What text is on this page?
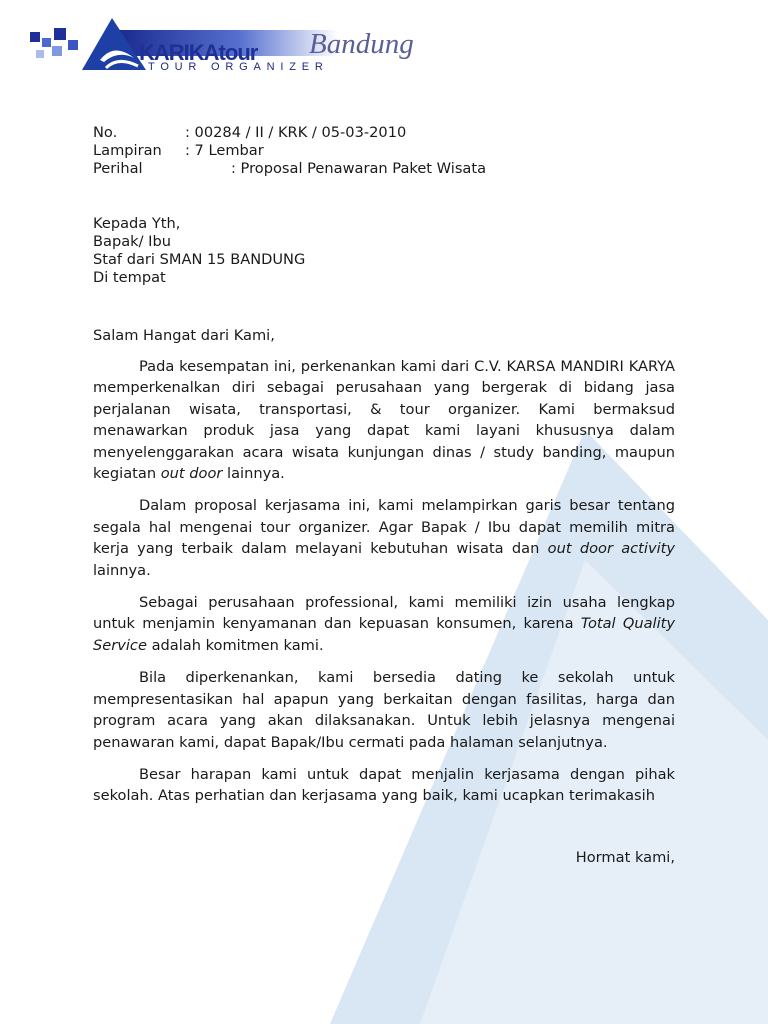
KARIKAtour Bandung
TOUR ORGANIZER
No.	: 00284 / II / KRK / 05-03-2010
Lampiran : 7 Lembar
Perihal	: Proposal Penawaran Paket Wisata
Kepada Yth,
Bapak/ Ibu
Staf dari SMAN 15 BANDUNG
Di tempat
Salam Hangat dari Kami,

Pada kesempatan ini, perkenankan kami dari C.V. KARSA MANDIRI KARYA memperkenalkan diri sebagai perusahaan yang bergerak di bidang jasa perjalanan wisata, transportasi, & tour organizer. Kami bermaksud menawarkan produk jasa yang dapat kami layani khususnya dalam menyelenggarakan acara wisata kunjungan dinas / study banding, maupun kegiatan out door lainnya.

Dalam proposal kerjasama ini, kami melampirkan garis besar tentang segala hal mengenai tour organizer. Agar Bapak / Ibu dapat memilih mitra kerja yang terbaik dalam melayani kebutuhan wisata dan out door activity lainnya.

Sebagai perusahaan professional, kami memiliki izin usaha lengkap untuk menjamin kenyamanan dan kepuasan konsumen, karena Total Quality Service adalah komitmen kami.

Bila diperkenankan, kami bersedia dating ke sekolah untuk mempresentasikan hal apapun yang berkaitan dengan fasilitas, harga dan program acara yang akan dilaksanakan. Untuk lebih jelasnya mengenai penawaran kami, dapat Bapak/Ibu cermati pada halaman selanjutnya.

Besar harapan kami untuk dapat menjalin kerjasama dengan pihak sekolah. Atas perhatian dan kerjasama yang baik, kami ucapkan terimakasih

Hormat kami,
